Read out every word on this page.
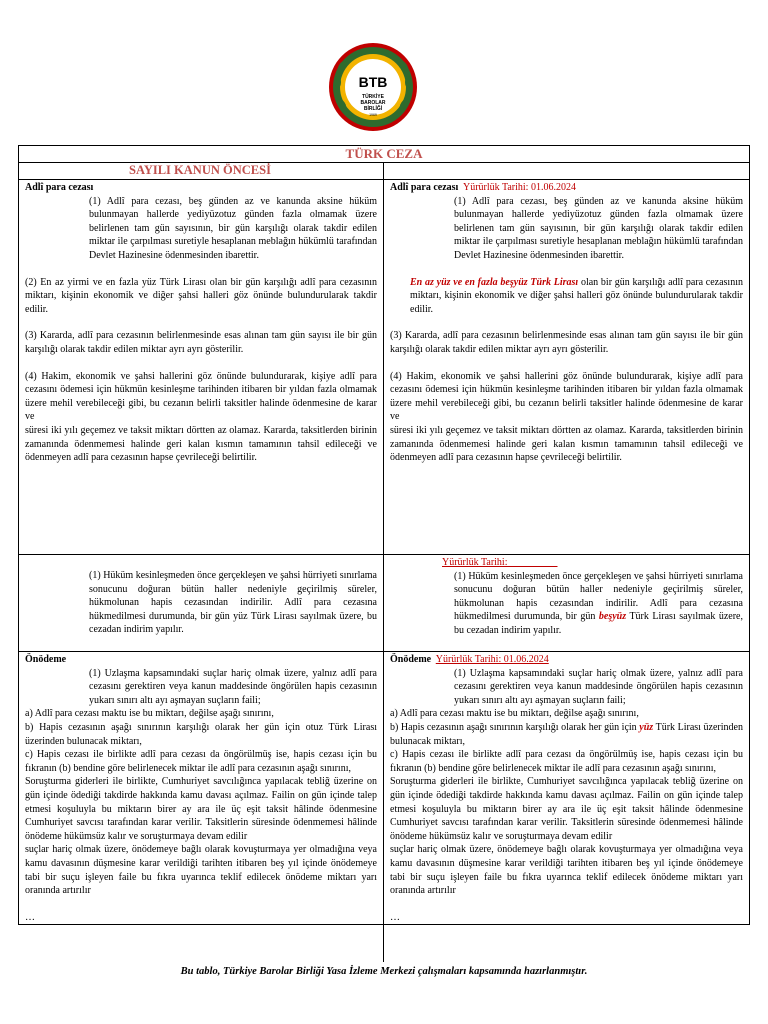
BTB
TÜRKİYE
BAROLAR
BİRLİĞİ
1969
TÜRK CEZA
SAYILI KANUN ÖNCESİ

Adlî para cezası

(1) Adlî para cezası, beş günden az ve kanunda aksine hüküm bulunmayan hallerde yediyüzotuz günden fazla olmamak üzere belirlenen tam gün sayısının, bir gün karşılığı olarak takdir edilen miktar ile çarpılması suretiyle hesaplanan meblağın hükümlü tarafından Devlet Hazinesine ödenmesinden ibarettir.

(2) En az yirmi ve en fazla yüz Türk Lirası olan bir gün karşılığı adlî para cezasının miktarı, kişinin ekonomik ve diğer şahsi halleri göz önünde bulundurularak takdir edilir.

(3) Kararda, adlî para cezasının belirlenmesinde esas alınan tam gün sayısı ile bir gün karşılığı olarak takdir edilen miktar ayrı ayrı gösterilir.

(4) Hakim, ekonomik ve şahsi hallerini göz önünde bulundurarak, kişiye adlî para cezasını ödemesi için hükmün kesinleşme tarihinden itibaren bir yıldan fazla olmamak üzere mehil verebileceği gibi, bu cezanın belirli taksitler halinde ödenmesine de karar ve

süresi iki yılı geçemez ve taksit miktarı dörtten az olamaz. Kararda, taksitlerden birinin zamanında ödenmemesi halinde geri kalan kısmın tamamının tahsil edileceği ve ödenmeyen adlî para cezasının hapse çevrileceği belirtilir.

Adlî para cezası Yürürlük Tarihi: 01.06.2024

(1) Adlî para cezası, beş günden az ve kanunda aksine hüküm bulunmayan hallerde yediyüzotuz günden fazla olmamak üzere belirlenen tam gün sayısının, bir gün karşılığı olarak takdir edilen miktar ile çarpılması suretiyle hesaplanan meblağın hükümlü tarafından Devlet Hazinesine ödenmesinden ibarettir.

En az yüz ve en fazla beşyüz Türk Lirası olan bir gün karşılığı adlî para cezasının miktarı, kişinin ekonomik ve diğer şahsi halleri göz önünde bulundurularak takdir edilir.

(3) Kararda, adlî para cezasının belirlenmesinde esas alınan tam gün sayısı ile bir gün karşılığı olarak takdir edilen miktar ayrı ayrı gösterilir.

(4) Hakim, ekonomik ve şahsi hallerini göz önünde bulundurarak, kişiye adlî para cezasını ödemesi için hükmün kesinleşme tarihinden itibaren bir yıldan fazla olmamak üzere mehil verebileceği gibi, bu cezanın belirli taksitler halinde ödenmesine de karar ve

süresi iki yılı geçemez ve taksit miktarı dörtten az olamaz. Kararda, taksitlerden birinin zamanında ödenmemesi halinde geri kalan kısmın tamamının tahsil edileceği ve ödenmeyen adlî para cezasının hapse çevrileceği belirtilir.

(1) Hüküm kesinleşmeden önce gerçekleşen ve şahsi hürriyeti sınırlama sonucunu doğuran bütün haller nedeniyle geçirilmiş süreler, hükmolunan hapis cezasından indirilir. Adlî para cezasına hükmedilmesi durumunda, bir gün yüz Türk Lirası sayılmak üzere, bu cezadan indirim yapılır.

Yürürlük Tarihi:

(1) Hüküm kesinleşmeden önce gerçekleşen ve şahsi hürriyeti sınırlama sonucunu doğuran bütün haller nedeniyle geçirilmiş süreler, hükmolunan hapis cezasından indirilir. Adlî para cezasına hükmedilmesi durumunda, bir gün beşyüz Türk Lirası sayılmak üzere, bu cezadan indirim yapılır.

Önödeme

(1) Uzlaşma kapsamındaki suçlar hariç olmak üzere, yalnız adlî para cezasını gerektiren veya kanun maddesinde öngörülen hapis cezasının yukarı sınırı altı ayı aşmayan suçların faili;

a) Adlî para cezası maktu ise bu miktarı, değilse aşağı sınırını,

b) Hapis cezasının aşağı sınırının karşılığı olarak her gün için otuz Türk Lirası üzerinden bulunacak miktarı,

c) Hapis cezası ile birlikte adlî para cezası da öngörülmüş ise, hapis cezası için bu fıkranın (b) bendine göre belirlenecek miktar ile adlî para cezasının aşağı sınırını,

Soruşturma giderleri ile birlikte, Cumhuriyet savcılığınca yapılacak tebliğ üzerine on gün içinde ödediği takdirde hakkında kamu davası açılmaz. Failin on gün içinde talep etmesi koşuluyla bu miktarın birer ay ara ile üç eşit taksit hâlinde ödenmesine Cumhuriyet savcısı tarafından karar verilir. Taksitlerin süresinde ödenmemesi hâlinde önödeme hükümsüz kalır ve soruşturmaya devam edilir

suçlar hariç olmak üzere, önödemeye bağlı olarak kovuşturmaya yer olmadığına veya kamu davasının düşmesine karar verildiği tarihten itibaren beş yıl içinde önödemeye tabi bir suçu işleyen faile bu fıkra uyarınca teklif edilecek önödeme miktarı yarı oranında artırılır

…

Önödeme Yürürlük Tarihi: 01.06.2024

(1) Uzlaşma kapsamındaki suçlar hariç olmak üzere, yalnız adlî para cezasını gerektiren veya kanun maddesinde öngörülen hapis cezasının yukarı sınırı altı ayı aşmayan suçların faili;

a) Adlî para cezası maktu ise bu miktarı, değilse aşağı sınırını,

b) Hapis cezasının aşağı sınırının karşılığı olarak her gün için yüz Türk Lirası üzerinden bulunacak miktarı,

c) Hapis cezası ile birlikte adlî para cezası da öngörülmüş ise, hapis cezası için bu fıkranın (b) bendine göre belirlenecek miktar ile adlî para cezasının aşağı sınırını,

Soruşturma giderleri ile birlikte, Cumhuriyet savcılığınca yapılacak tebliğ üzerine on gün içinde ödediği takdirde hakkında kamu davası açılmaz. Failin on gün içinde talep etmesi koşuluyla bu miktarın birer ay ara ile üç eşit taksit hâlinde ödenmesine Cumhuriyet savcısı tarafından karar verilir. Taksitlerin süresinde ödenmemesi hâlinde önödeme hükümsüz kalır ve soruşturmaya devam edilir

suçlar hariç olmak üzere, önödemeye bağlı olarak kovuşturmaya yer olmadığına veya kamu davasının düşmesine karar verildiği tarihten itibaren beş yıl içinde önödemeye tabi bir suçu işleyen faile bu fıkra uyarınca teklif edilecek önödeme miktarı yarı oranında artırılır

…

Bu tablo, Türkiye Barolar Birliği Yasa İzleme Merkezi çalışmaları kapsamında hazırlanmıştır.
